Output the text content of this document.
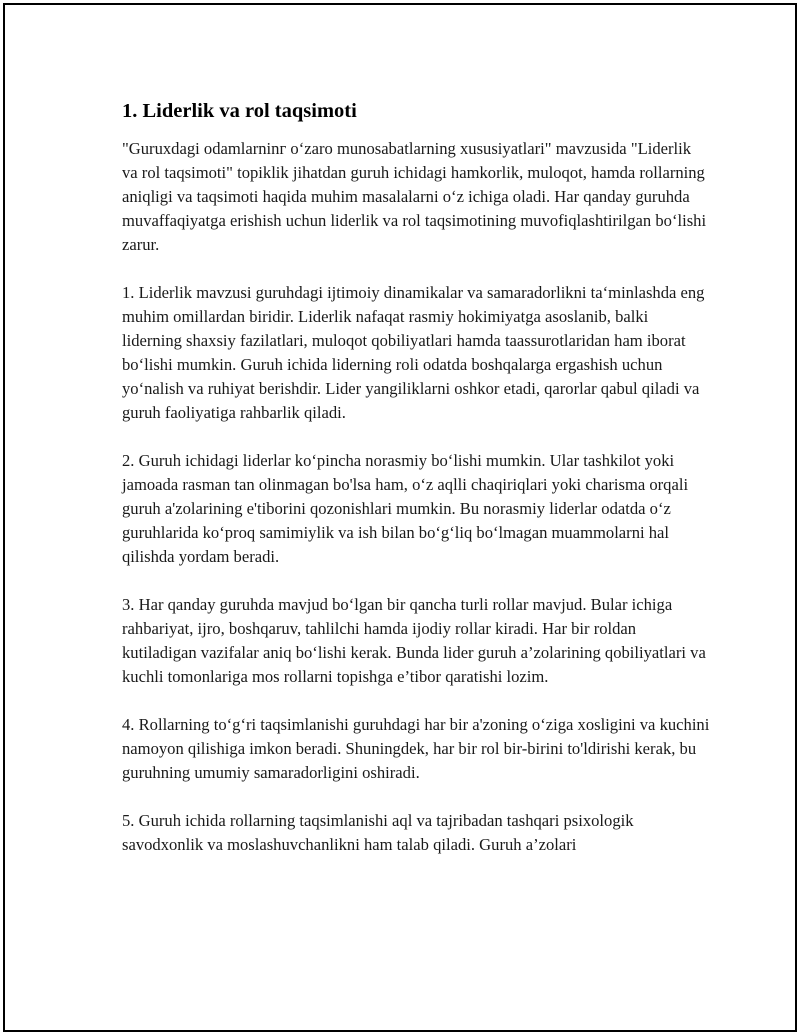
1. Liderlik va rol taqsimoti

"Guruxdagi odamlarninг o‘zaro munosabatlarning xususiyatlari" mavzusida "Liderlik va rol taqsimoti" topiklik jihatdan guruh ichidagi hamkorlik, muloqot, hamda rollarning aniqligi va taqsimoti haqida muhim masalalarni o‘z ichiga oladi. Har qanday guruhda muvaffaqiyatga erishish uchun liderlik va rol taqsimotining muvofiqlashtirilgan bo‘lishi zarur.

1. Liderlik mavzusi guruhdagi ijtimoiy dinamikalar va samaradorlikni ta‘minlashda eng muhim omillardan biridir. Liderlik nafaqat rasmiy hokimiyatga asoslanib, balki liderning shaxsiy fazilatlari, muloqot qobiliyatlari hamda taassurotlaridan ham iborat bo‘lishi mumkin. Guruh ichida liderning roli odatda boshqalarga ergashish uchun yo‘nalish va ruhiyat berishdir. Lider yangiliklarni oshkor etadi, qarorlar qabul qiladi va guruh faoliyatiga rahbarlik qiladi.

2. Guruh ichidagi liderlar ko‘pincha norasmiy bo‘lishi mumkin. Ular tashkilot yoki jamoada rasman tan olinmagan bo'lsa ham, o‘z aqlli chaqiriqlari yoki charisma orqali guruh a'zolarining e'tiborini qozonishlari mumkin. Bu norasmiy liderlar odatda o‘z guruhlarida ko‘proq samimiylik va ish bilan bo‘g‘liq bo‘lmagan muammolarni hal qilishda yordam beradi.

3. Har qanday guruhda mavjud bo‘lgan bir qancha turli rollar mavjud. Bular ichiga rahbariyat, ijro, boshqaruv, tahlilchi hamda ijodiy rollar kiradi. Har bir roldan kutiladigan vazifalar aniq bo‘lishi kerak. Bunda lider guruh a’zolarining qobiliyatlari va kuchli tomonlariga mos rollarni topishga e’tibor qaratishi lozim.

4. Rollarning to‘g‘ri taqsimlanishi guruhdagi har bir a'zoning o‘ziga xosligini va kuchini namoyon qilishiga imkon beradi. Shuningdek, har bir rol bir-birini to'ldirishi kerak, bu guruhning umumiy samaradorligini oshiradi.

5. Guruh ichida rollarning taqsimlanishi aql va tajribadan tashqari psixologik savodxonlik va moslashuvchanlikni ham talab qiladi. Guruh a’zolari
